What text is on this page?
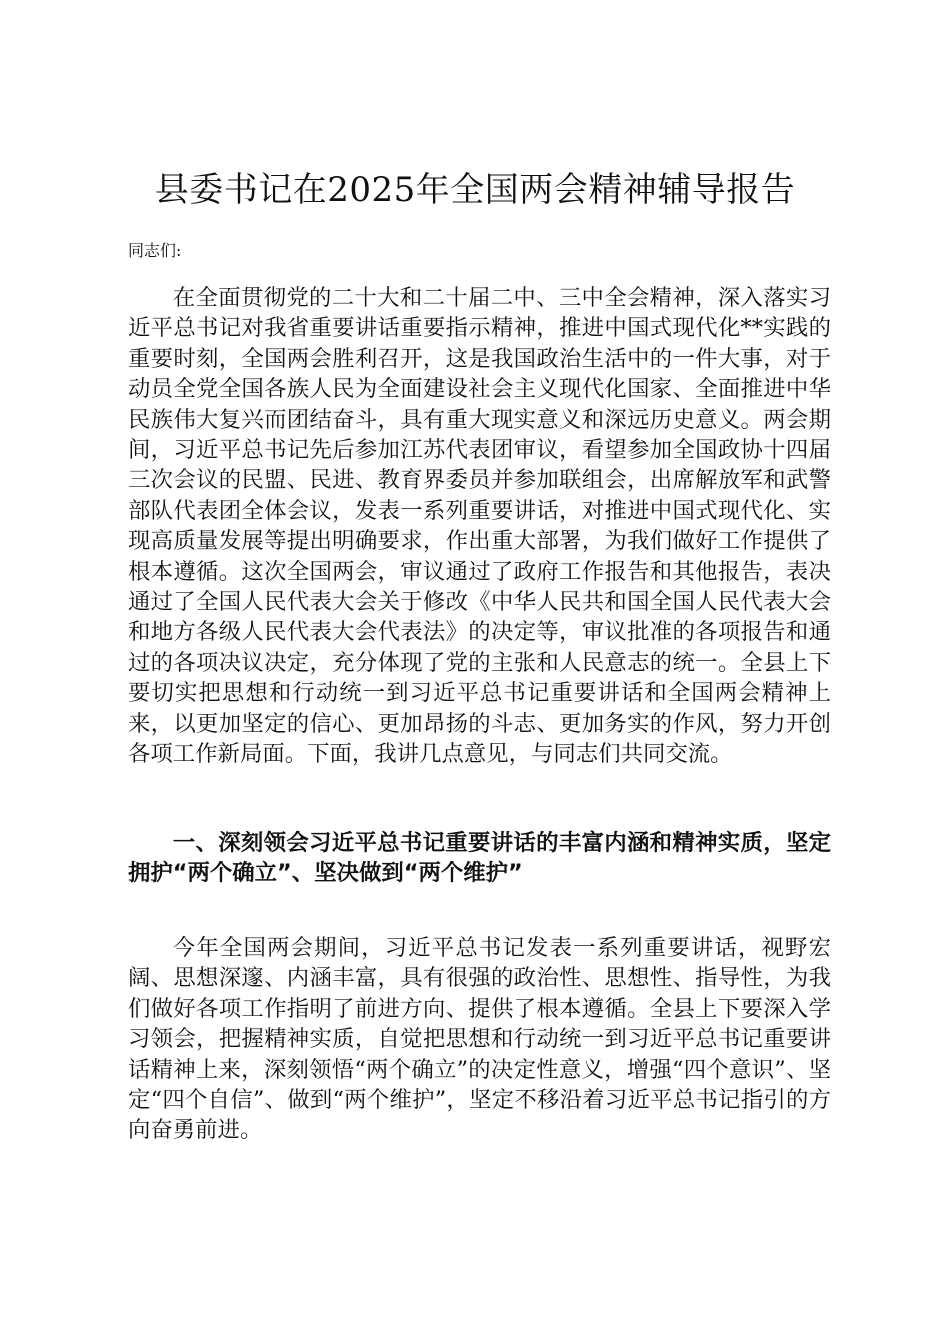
县委书记在2025年全国两会精神辅导报告

同志们:

在全面贯彻党的二十大和二十届二中、三中全会精神，深入落实习近平总书记对我省重要讲话重要指示精神，推进中国式现代化**实践的重要时刻，全国两会胜利召开，这是我国政治生活中的一件大事，对于动员全党全国各族人民为全面建设社会主义现代化国家、全面推进中华民族伟大复兴而团结奋斗，具有重大现实意义和深远历史意义。两会期间，习近平总书记先后参加江苏代表团审议，看望参加全国政协十四届三次会议的民盟、民进、教育界委员并参加联组会，出席解放军和武警部队代表团全体会议，发表一系列重要讲话，对推进中国式现代化、实现高质量发展等提出明确要求，作出重大部署，为我们做好工作提供了根本遵循。这次全国两会，审议通过了政府工作报告和其他报告，表决通过了全国人民代表大会关于修改《中华人民共和国全国人民代表大会和地方各级人民代表大会代表法》的决定等，审议批准的各项报告和通过的各项决议决定，充分体现了党的主张和人民意志的统一。全县上下要切实把思想和行动统一到习近平总书记重要讲话和全国两会精神上来，以更加坚定的信心、更加昂扬的斗志、更加务实的作风，努力开创各项工作新局面。下面，我讲几点意见，与同志们共同交流。

一、深刻领会习近平总书记重要讲话的丰富内涵和精神实质，坚定拥护“两个确立”、坚决做到“两个维护”

今年全国两会期间，习近平总书记发表一系列重要讲话，视野宏阔、思想深邃、内涵丰富，具有很强的政治性、思想性、指导性，为我们做好各项工作指明了前进方向、提供了根本遵循。全县上下要深入学习领会，把握精神实质，自觉把思想和行动统一到习近平总书记重要讲话精神上来，深刻领悟“两个确立”的决定性意义，增强“四个意识”、坚定“四个自信”、做到“两个维护”，坚定不移沿着习近平总书记指引的方向奋勇前进。
